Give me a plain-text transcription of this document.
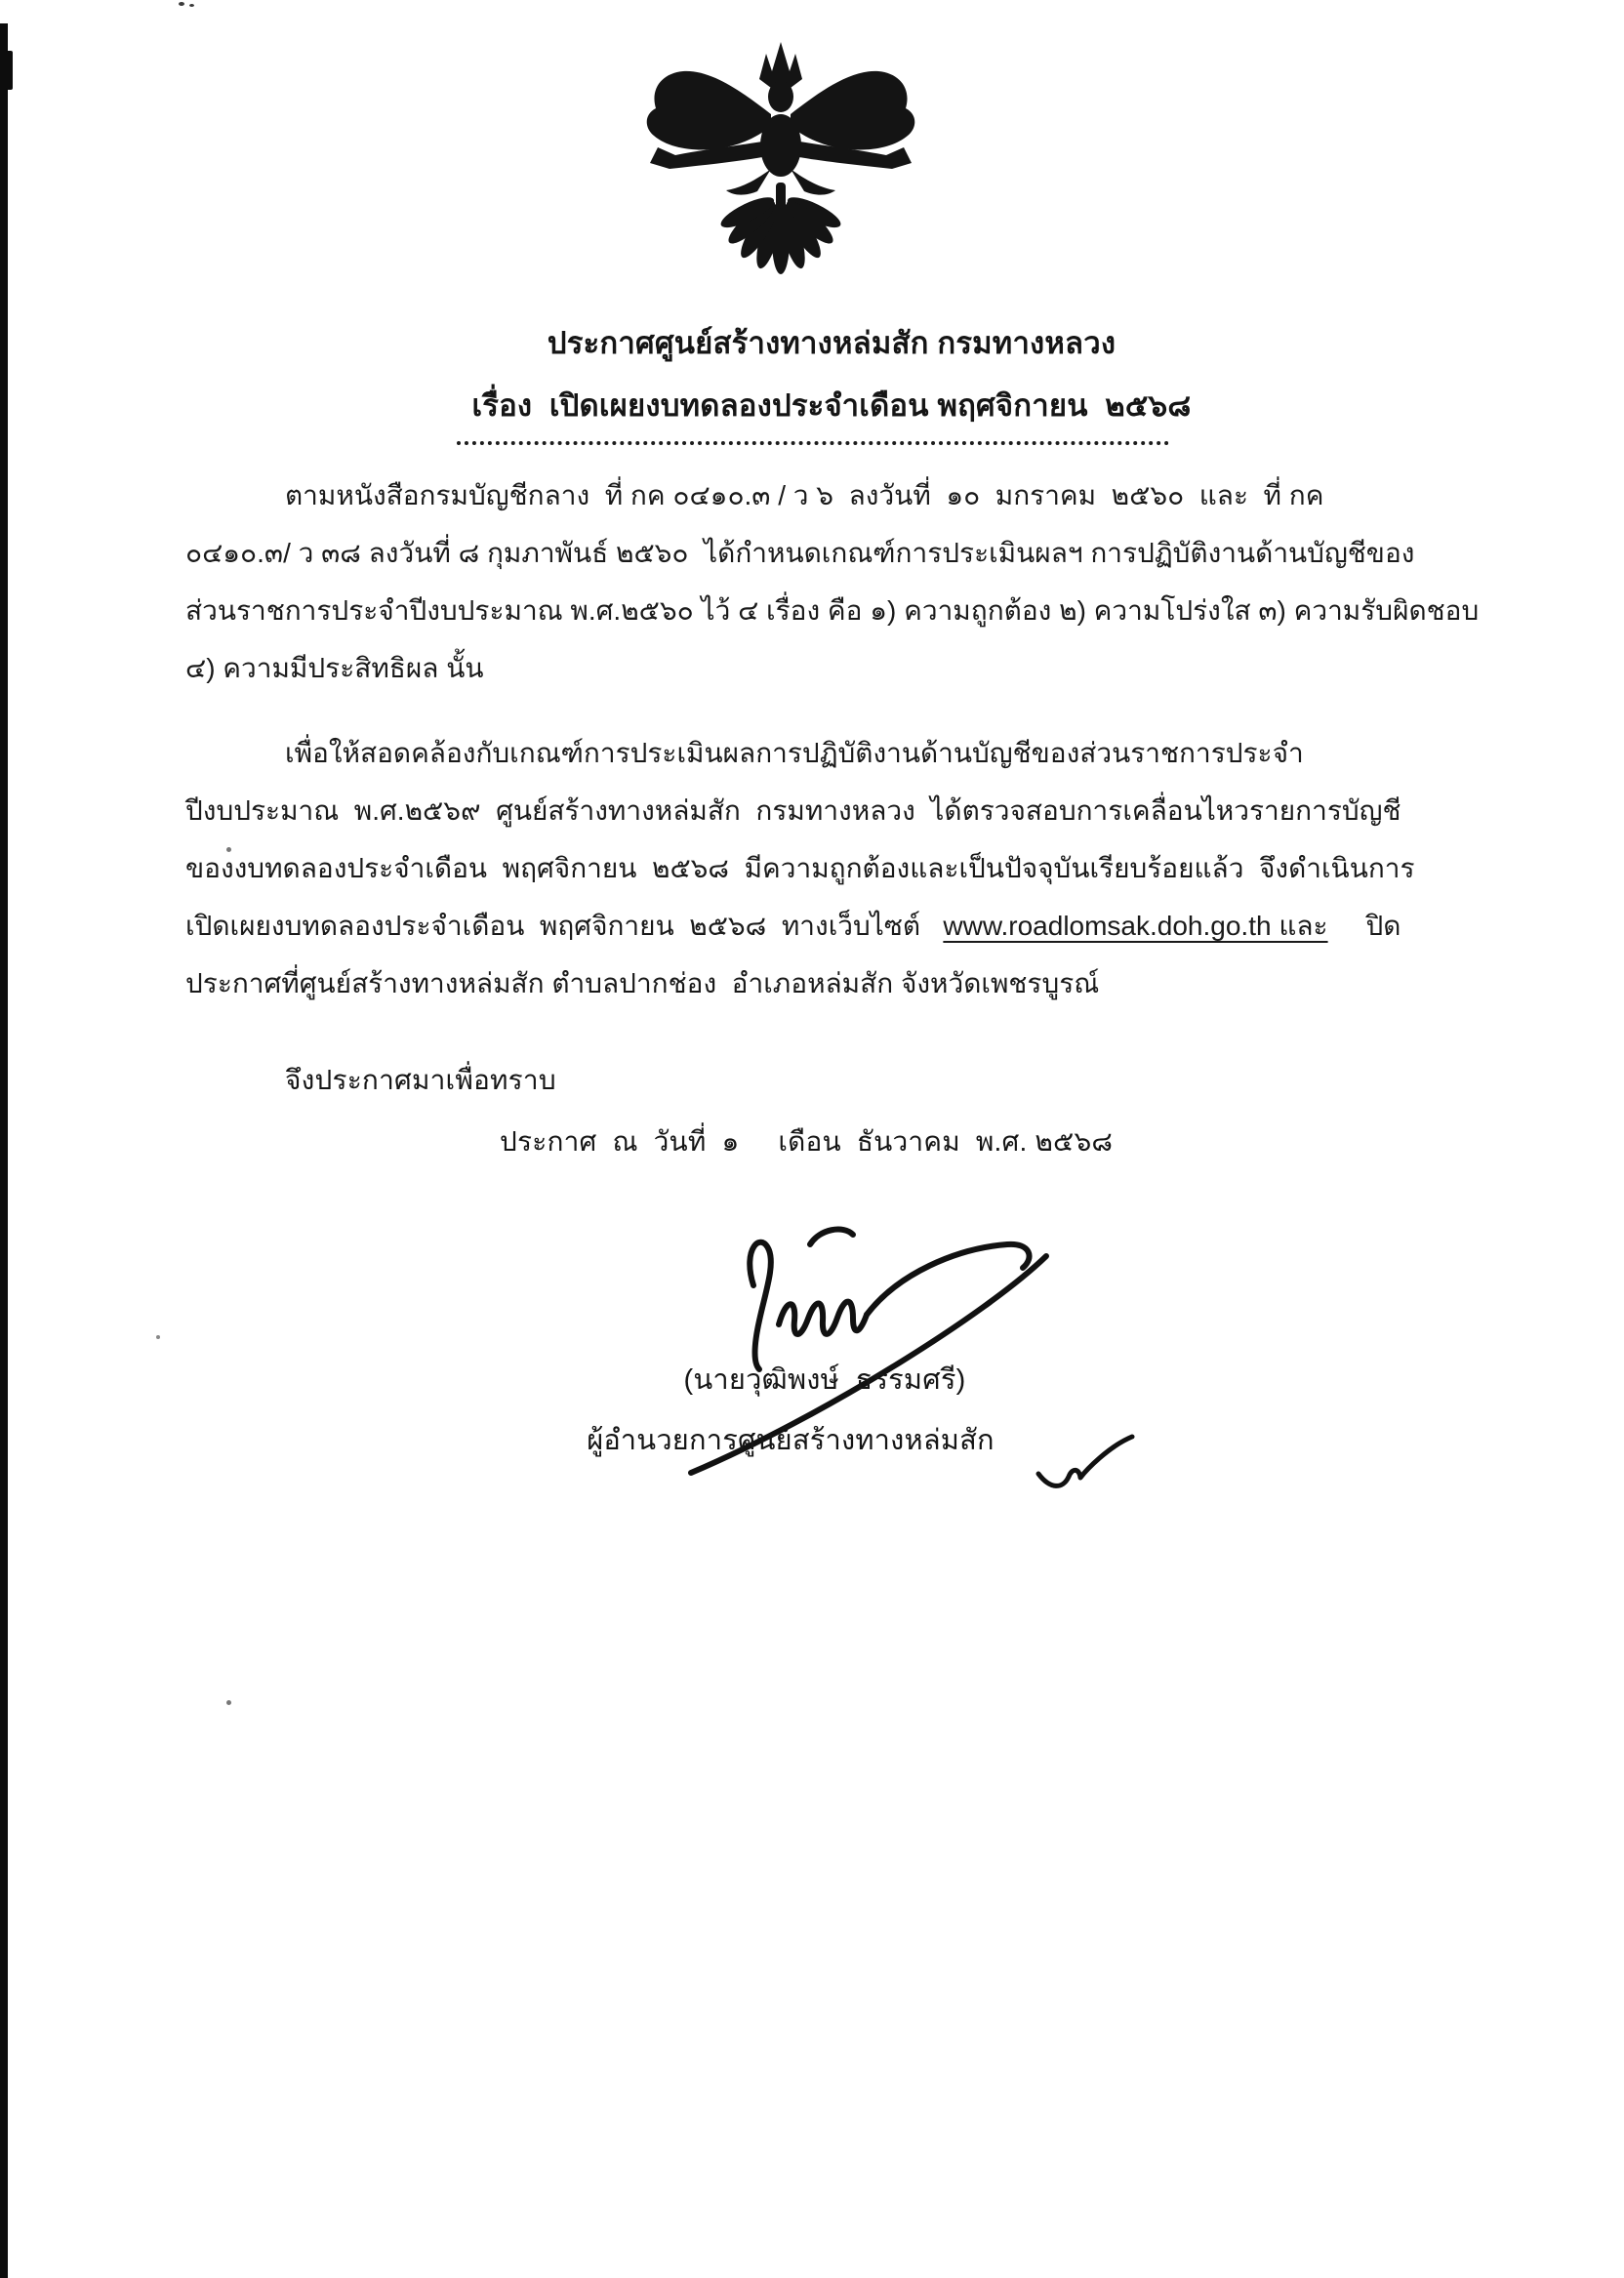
ประกาศศูนย์สร้างทางหล่มสัก กรมทางหลวง
เรื่อง  เปิดเผยงบทดลองประจำเดือน พฤศจิกายน  ๒๕๖๘
ตามหนังสือกรมบัญชีกลาง  ที่ กค ๐๔๑๐.๓ / ว ๖  ลงวันที่  ๑๐  มกราคม  ๒๕๖๐  และ  ที่ กค
๐๔๑๐.๓/ ว ๓๘ ลงวันที่ ๘ กุมภาพันธ์ ๒๕๖๐  ได้กำหนดเกณฑ์การประเมินผลฯ การปฏิบัติงานด้านบัญชีของ
ส่วนราชการประจำปีงบประมาณ พ.ศ.๒๕๖๐ ไว้ ๔ เรื่อง คือ ๑) ความถูกต้อง ๒) ความโปร่งใส ๓) ความรับผิดชอบ
๔) ความมีประสิทธิผล นั้น
เพื่อให้สอดคล้องกับเกณฑ์การประเมินผลการปฏิบัติงานด้านบัญชีของส่วนราชการประจำ
ปีงบประมาณ  พ.ศ.๒๕๖๙  ศูนย์สร้างทางหล่มสัก  กรมทางหลวง  ได้ตรวจสอบการเคลื่อนไหวรายการบัญชี
ของงบทดลองประจำเดือน  พฤศจิกายน  ๒๕๖๘  มีความถูกต้องและเป็นปัจจุบันเรียบร้อยแล้ว  จึงดำเนินการ
เปิดเผยงบทดลองประจำเดือน  พฤศจิกายน  ๒๕๖๘  ทางเว็บไซต์   www.roadlomsak.doh.go.th และ     ปิด
ประกาศที่ศูนย์สร้างทางหล่มสัก ตำบลปากช่อง  อำเภอหล่มสัก จังหวัดเพชรบูรณ์
จึงประกาศมาเพื่อทราบ
ประกาศ  ณ  วันที่  ๑     เดือน  ธันวาคม  พ.ศ. ๒๕๖๘
(นายวุฒิพงษ์  ธรรมศรี)
ผู้อำนวยการศูนย์สร้างทางหล่มสัก
